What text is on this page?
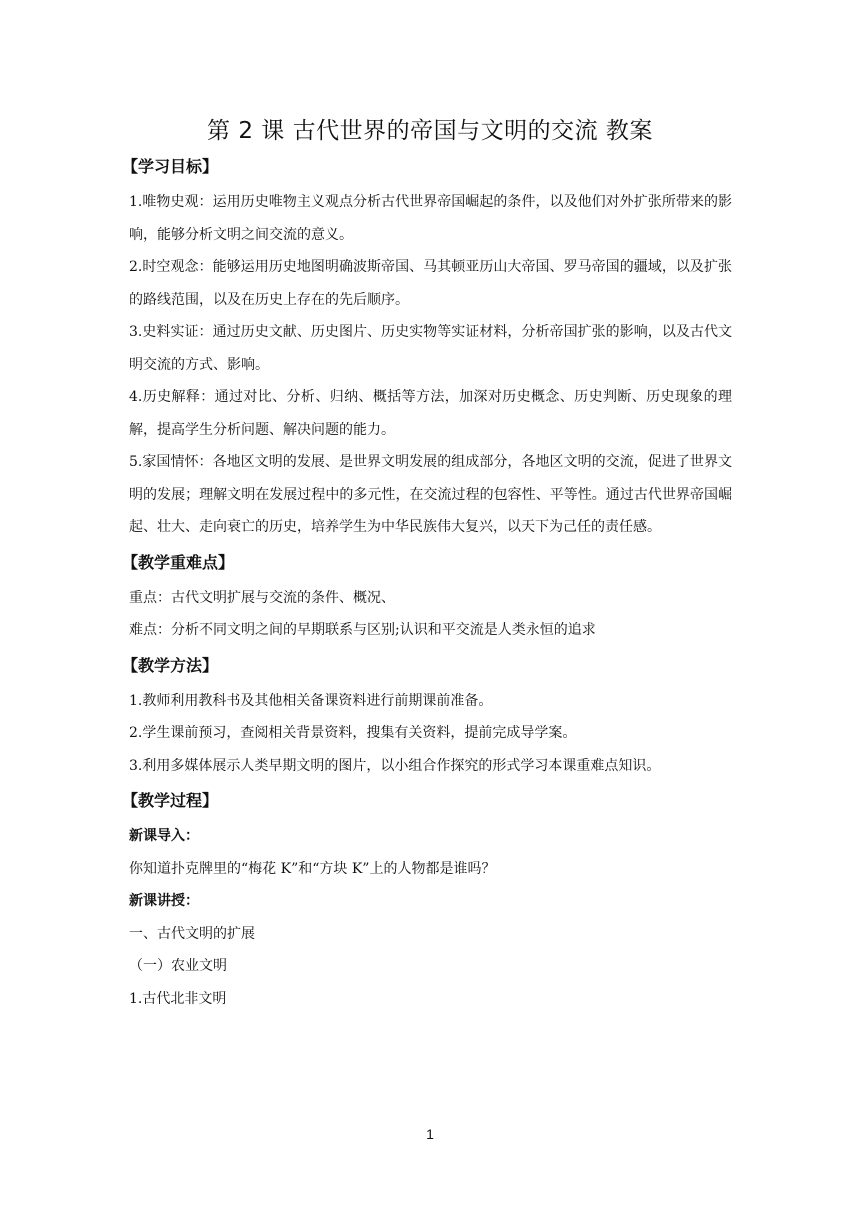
第 2 课 古代世界的帝国与文明的交流 教案
【学习目标】

1.唯物史观：运用历史唯物主义观点分析古代世界帝国崛起的条件，以及他们对外扩张所带来的影响，能够分析文明之间交流的意义。

2.时空观念：能够运用历史地图明确波斯帝国、马其顿亚历山大帝国、罗马帝国的疆域，以及扩张的路线范围，以及在历史上存在的先后顺序。

3.史料实证：通过历史文献、历史图片、历史实物等实证材料，分析帝国扩张的影响，以及古代文明交流的方式、影响。

4.历史解释：通过对比、分析、归纳、概括等方法，加深对历史概念、历史判断、历史现象的理解，提高学生分析问题、解决问题的能力。

5.家国情怀：各地区文明的发展、是世界文明发展的组成部分，各地区文明的交流，促进了世界文明的发展；理解文明在发展过程中的多元性，在交流过程的包容性、平等性。通过古代世界帝国崛起、壮大、走向衰亡的历史，培养学生为中华民族伟大复兴，以天下为己任的责任感。

【教学重难点】

重点：古代文明扩展与交流的条件、概况、

难点：分析不同文明之间的早期联系与区别;认识和平交流是人类永恒的追求

【教学方法】

1.教师利用教科书及其他相关备课资料进行前期课前准备。

2.学生课前预习，查阅相关背景资料，搜集有关资料，提前完成导学案。

3.利用多媒体展示人类早期文明的图片，以小组合作探究的形式学习本课重难点知识。

【教学过程】

新课导入：

你知道扑克牌里的“梅花 K”和“方块 K”上的人物都是谁吗？

新课讲授：

一、古代文明的扩展

（一）农业文明

1.古代北非文明

1
